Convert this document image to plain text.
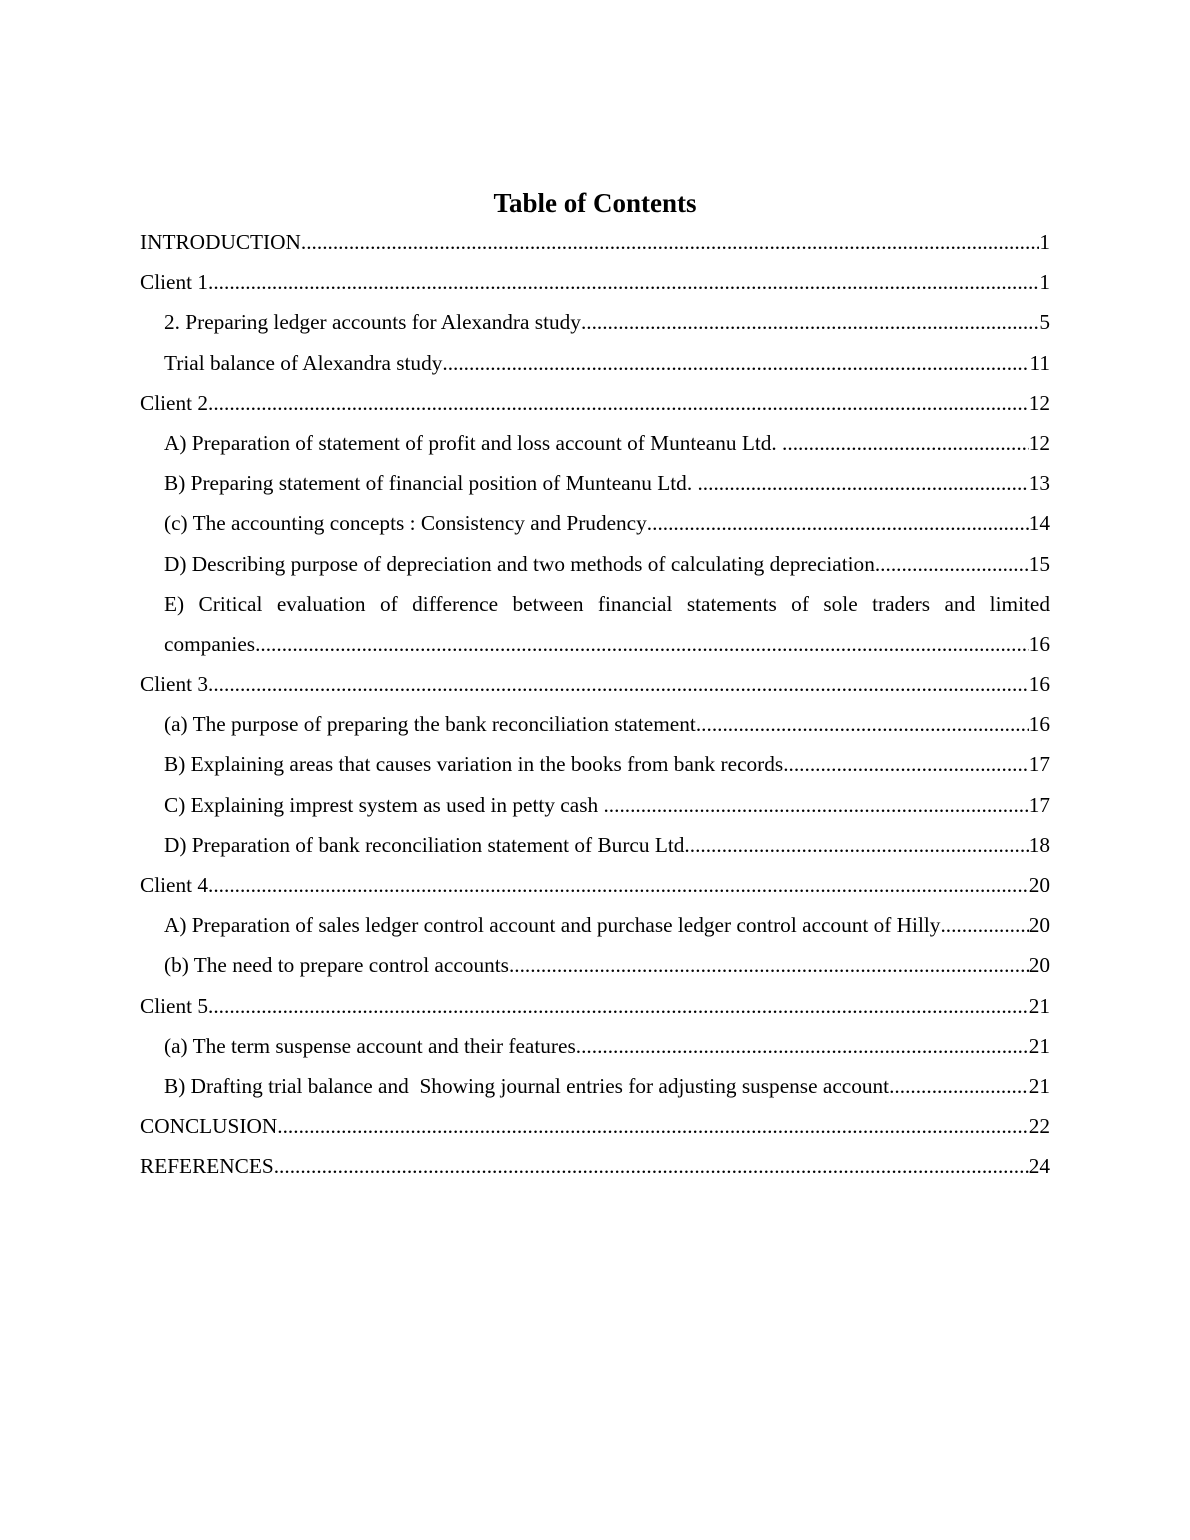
Table of Contents
INTRODUCTION .....	1
Client 1 .....	1
2. Preparing ledger accounts for Alexandra study .....	5
Trial balance of Alexandra study .....	11
Client 2 .....	12
A) Preparation of statement of profit and loss account of Munteanu Ltd. .....	12
B) Preparing statement of financial position of Munteanu Ltd. .....	13
(c) The accounting concepts : Consistency and Prudency .....	14
D) Describing purpose of depreciation and two methods of calculating depreciation .....	15
E) Critical evaluation of difference between financial statements of sole traders and limited
companies .....	16
Client 3 .....	16
(a) The purpose of preparing the bank reconciliation statement .....	16
B) Explaining areas that causes variation in the books from bank records .....	17
C) Explaining imprest system as used in petty cash .....	17
D) Preparation of bank reconciliation statement of Burcu Ltd .....	18
Client 4 .....	20
A) Preparation of sales ledger control account and purchase ledger control account of Hilly .....	20
(b) The need to prepare control accounts .....	20
Client 5 .....	21
(a) The term suspense account and their features .....	21
B) Drafting trial balance and  Showing journal entries for adjusting suspense account .....	21
CONCLUSION .....	22
REFERENCES .....	24
